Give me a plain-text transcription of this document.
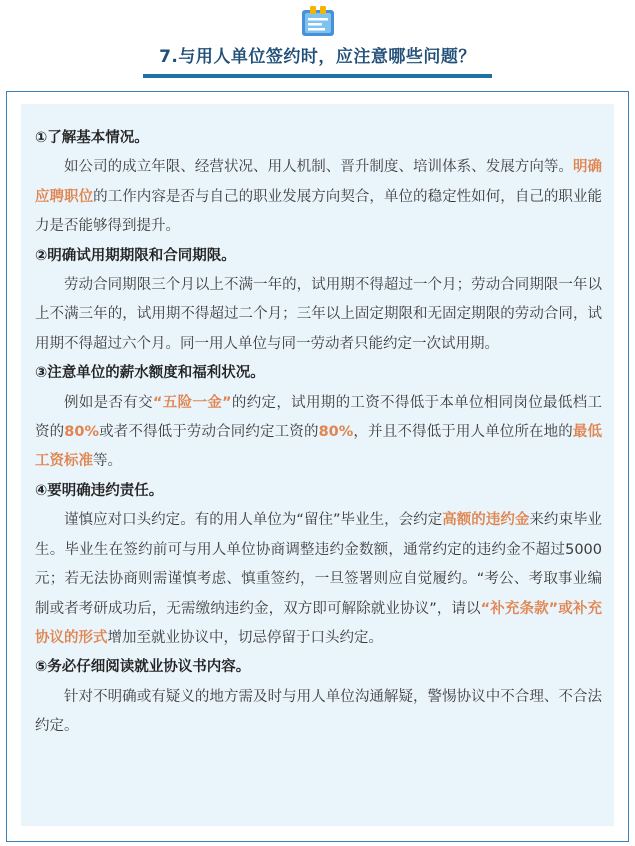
7.与用人单位签约时，应注意哪些问题？
①了解基本情况。
如公司的成立年限、经营状况、用人机制、晋升制度、培训体系、发展方向等。明确应聘职位的工作内容是否与自己的职业发展方向契合，单位的稳定性如何，自己的职业能力是否能够得到提升。
②明确试用期期限和合同期限。
劳动合同期限三个月以上不满一年的，试用期不得超过一个月；劳动合同期限一年以上不满三年的，试用期不得超过二个月；三年以上固定期限和无固定期限的劳动合同，试用期不得超过六个月。同一用人单位与同一劳动者只能约定一次试用期。
③注意单位的薪水额度和福利状况。
例如是否有交“五险一金”的约定，试用期的工资不得低于本单位相同岗位最低档工资的80%或者不得低于劳动合同约定工资的80%，并且不得低于用人单位所在地的最低工资标准等。
④要明确违约责任。
谨慎应对口头约定。有的用人单位为“留住”毕业生，会约定高额的违约金来约束毕业生。毕业生在签约前可与用人单位协商调整违约金数额，通常约定的违约金不超过5000元；若无法协商则需谨慎考虑、慎重签约，一旦签署则应自觉履约。“考公、考取事业编制或者考研成功后，无需缴纳违约金，双方即可解除就业协议”，请以“补充条款”或补充协议的形式增加至就业协议中，切忌停留于口头约定。
⑤务必仔细阅读就业协议书内容。
针对不明确或有疑义的地方需及时与用人单位沟通解疑，警惕协议中不合理、不合法约定。
